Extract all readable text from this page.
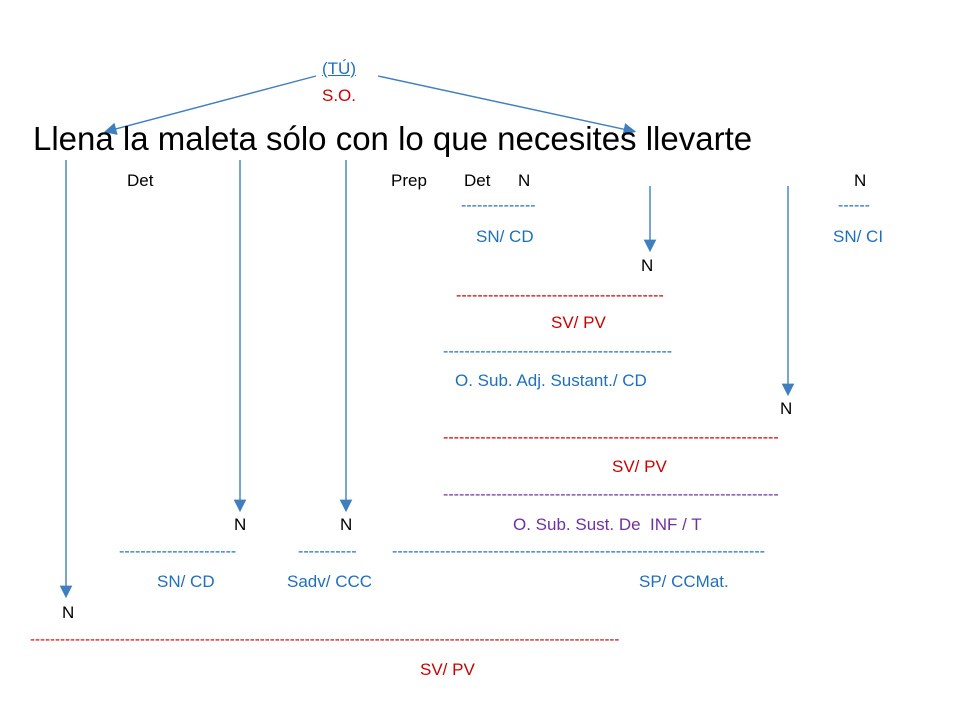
(TÚ)
S.O.
Llena la maleta sólo con lo que necesites llevarte
Det	Prep Det N	N
N
N
N	N
N
--------------	------
---------------------------------------
-------------------------------------------
---------------------------------------------------------------
---------------------------------------------------------------
----------------------	----------- ----------------------------------------------------------------------
----------------------------------------------------------------------------------------------------------------------
SN/ CD	SN/ CI
SV/ PV
O. Sub. Adj. Sustant./ CD
SV/ PV
O. Sub. Sust. De  INF / T
SN/ CD	Sadv/ CCC	SP/ CCMat.
SV/ PV
